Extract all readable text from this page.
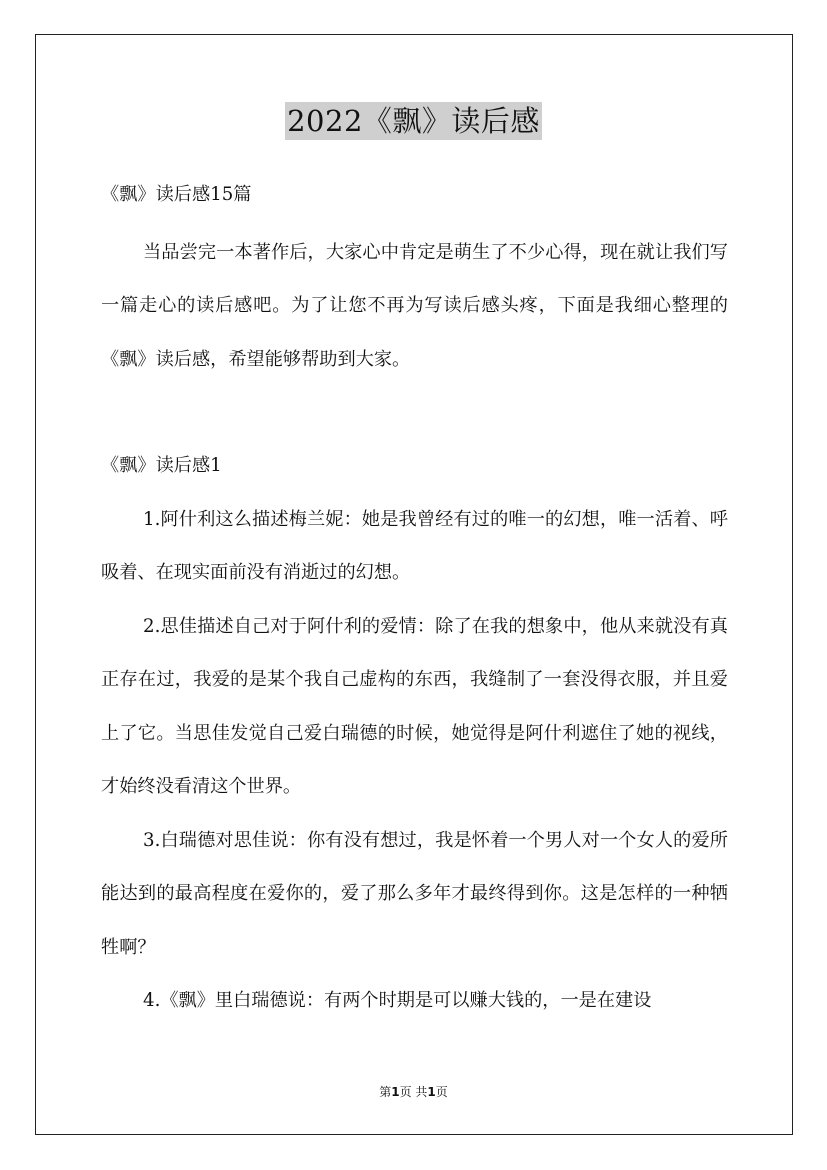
2022《飘》读后感

《飘》读后感15篇

当品尝完一本著作后，大家心中肯定是萌生了不少心得，现在就让我们写一篇走心的读后感吧。为了让您不再为写读后感头疼，下面是我细心整理的《飘》读后感，希望能够帮助到大家。

《飘》读后感1

1.阿什利这么描述梅兰妮：她是我曾经有过的唯一的幻想，唯一活着、呼吸着、在现实面前没有消逝过的幻想。

2.思佳描述自己对于阿什利的爱情：除了在我的想象中，他从来就没有真正存在过，我爱的是某个我自己虚构的东西，我缝制了一套没得衣服，并且爱上了它。当思佳发觉自己爱白瑞德的时候，她觉得是阿什利遮住了她的视线，才始终没看清这个世界。

3.白瑞德对思佳说：你有没有想过，我是怀着一个男人对一个女人的爱所能达到的最高程度在爱你的，爱了那么多年才最终得到你。这是怎样的一种牺牲啊？

4.《飘》里白瑞德说：有两个时期是可以赚大钱的，一是在建设

第1页 共1页
